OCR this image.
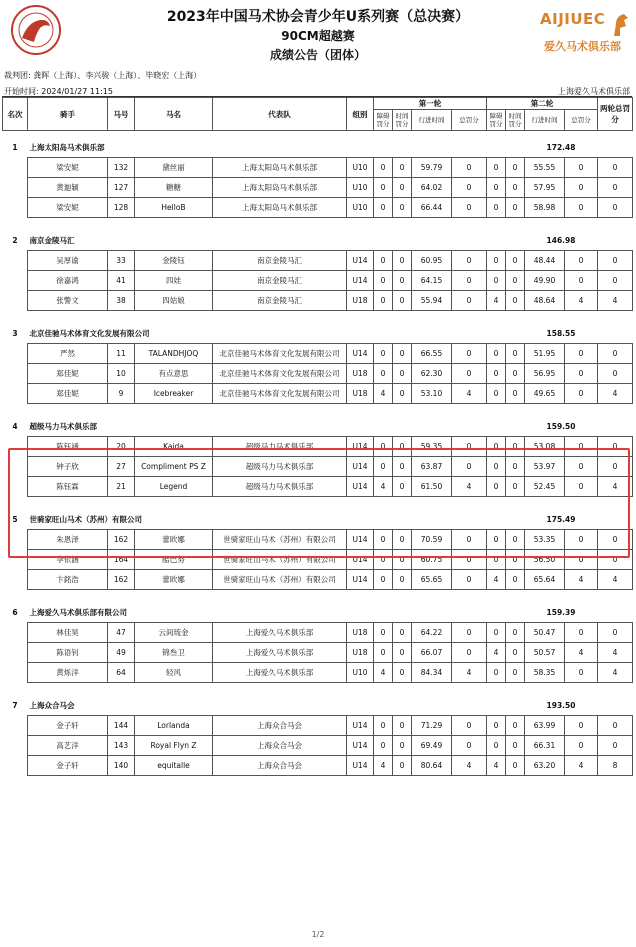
AIJIUEC
爱久马术俱乐部
2023年中国马术协会青少年U系列赛（总决赛）
90CM超越赛
成绩公告（团体）
裁判团: 龚晖（上海）、李兴骏（上海）、毕晓宏（上海）
开始时间: 2024/01/27 11:15	上海爱久马术俱乐部
名次	骑手	马号	马名	代表队	组别	第一轮				第二轮				两轮总罚分	
						障碍罚分	时间罚分	行进时间	总罚分	障碍罚分	时间罚分	行进时间	总罚分		

1	上海太阳岛马术俱乐部											172.48		
	梁安妮	132	黛丝丽	上海太阳岛马术俱乐部	U10	0	0	59.79	0	0	0	55.55	0	0	
	黄迦颖	127	糖糖	上海太阳岛马术俱乐部	U10	0	0	64.02	0	0	0	57.95	0	0	
	梁安妮	128	HelloB	上海太阳岛马术俱乐部	U10	0	0	66.44	0	0	0	58.98	0	0	

2	南京金陵马汇											146.98		
	吴厚谕	33	金陵钰	南京金陵马汇	U14	0	0	60.95	0	0	0	48.44	0	0	
	徐嘉鸿	41	四娃	南京金陵马汇	U14	0	0	64.15	0	0	0	49.90	0	0	
	张警文	38	四姑娘	南京金陵马汇	U18	0	0	55.94	0	4	0	48.64	4	4	

3	北京佳驰马术体育文化发展有限公司											158.55		
	严然	11	TALANDHJOQ	北京佳驰马术体育文化发展有限公司	U14	0	0	66.55	0	0	0	51.95	0	0	
	郑佳妮	10	有点意思	北京佳驰马术体育文化发展有限公司	U18	0	0	62.30	0	0	0	56.95	0	0	
	郑佳妮	9	Icebreaker	北京佳驰马术体育文化发展有限公司	U18	4	0	53.10	4	0	0	49.65	0	4	

4	超级马力马术俱乐部											159.50		
	陈钰涵	20	Kaida	超级马力马术俱乐部	U14	0	0	59.35	0	0	0	53.08	0	0	
	钟子欣	27	Compliment PS Z	超级马力马术俱乐部	U14	0	0	63.87	0	0	0	53.97	0	0	
	陈钰霖	21	Legend	超级马力马术俱乐部	U14	4	0	61.50	4	0	0	52.45	0	4	

5	世骑家旺山马术（苏州）有限公司											175.49		
	朱恩泽	162	蕾欧娜	世骑家旺山马术（苏州）有限公司	U14	0	0	70.59	0	0	0	53.35	0	0	
	李依涵	164	酷巴努	世骑家旺山马术（苏州）有限公司	U14	0	0	60.75	0	0	0	56.50	0	0	
	卞銘浩	162	蕾欧娜	世骑家旺山马术（苏州）有限公司	U14	0	0	65.65	0	4	0	65.64	4	4	

6	上海爱久马术俱乐部有限公司											159.39		
	林佳昊	47	云间琉金	上海爱久马术俱乐部	U18	0	0	64.22	0	0	0	50.47	0	0	
	陈语钊	49	锦叁卫	上海爱久马术俱乐部	U18	0	0	66.07	0	4	0	50.57	4	4	
	黄烁洋	64	轻风	上海爱久马术俱乐部	U10	4	0	84.34	4	0	0	58.35	0	4	

7	上海众合马会											193.50		
	金子轩	144	Lorlanda	上海众合马会	U14	0	0	71.29	0	0	0	63.99	0	0	
	高艺洋	143	Royal Flyn Z	上海众合马会	U14	0	0	69.49	0	0	0	66.31	0	0	
	金子轩	140	equitalle	上海众合马会	U14	4	0	80.64	4	4	0	63.20	4	8	
1/2
